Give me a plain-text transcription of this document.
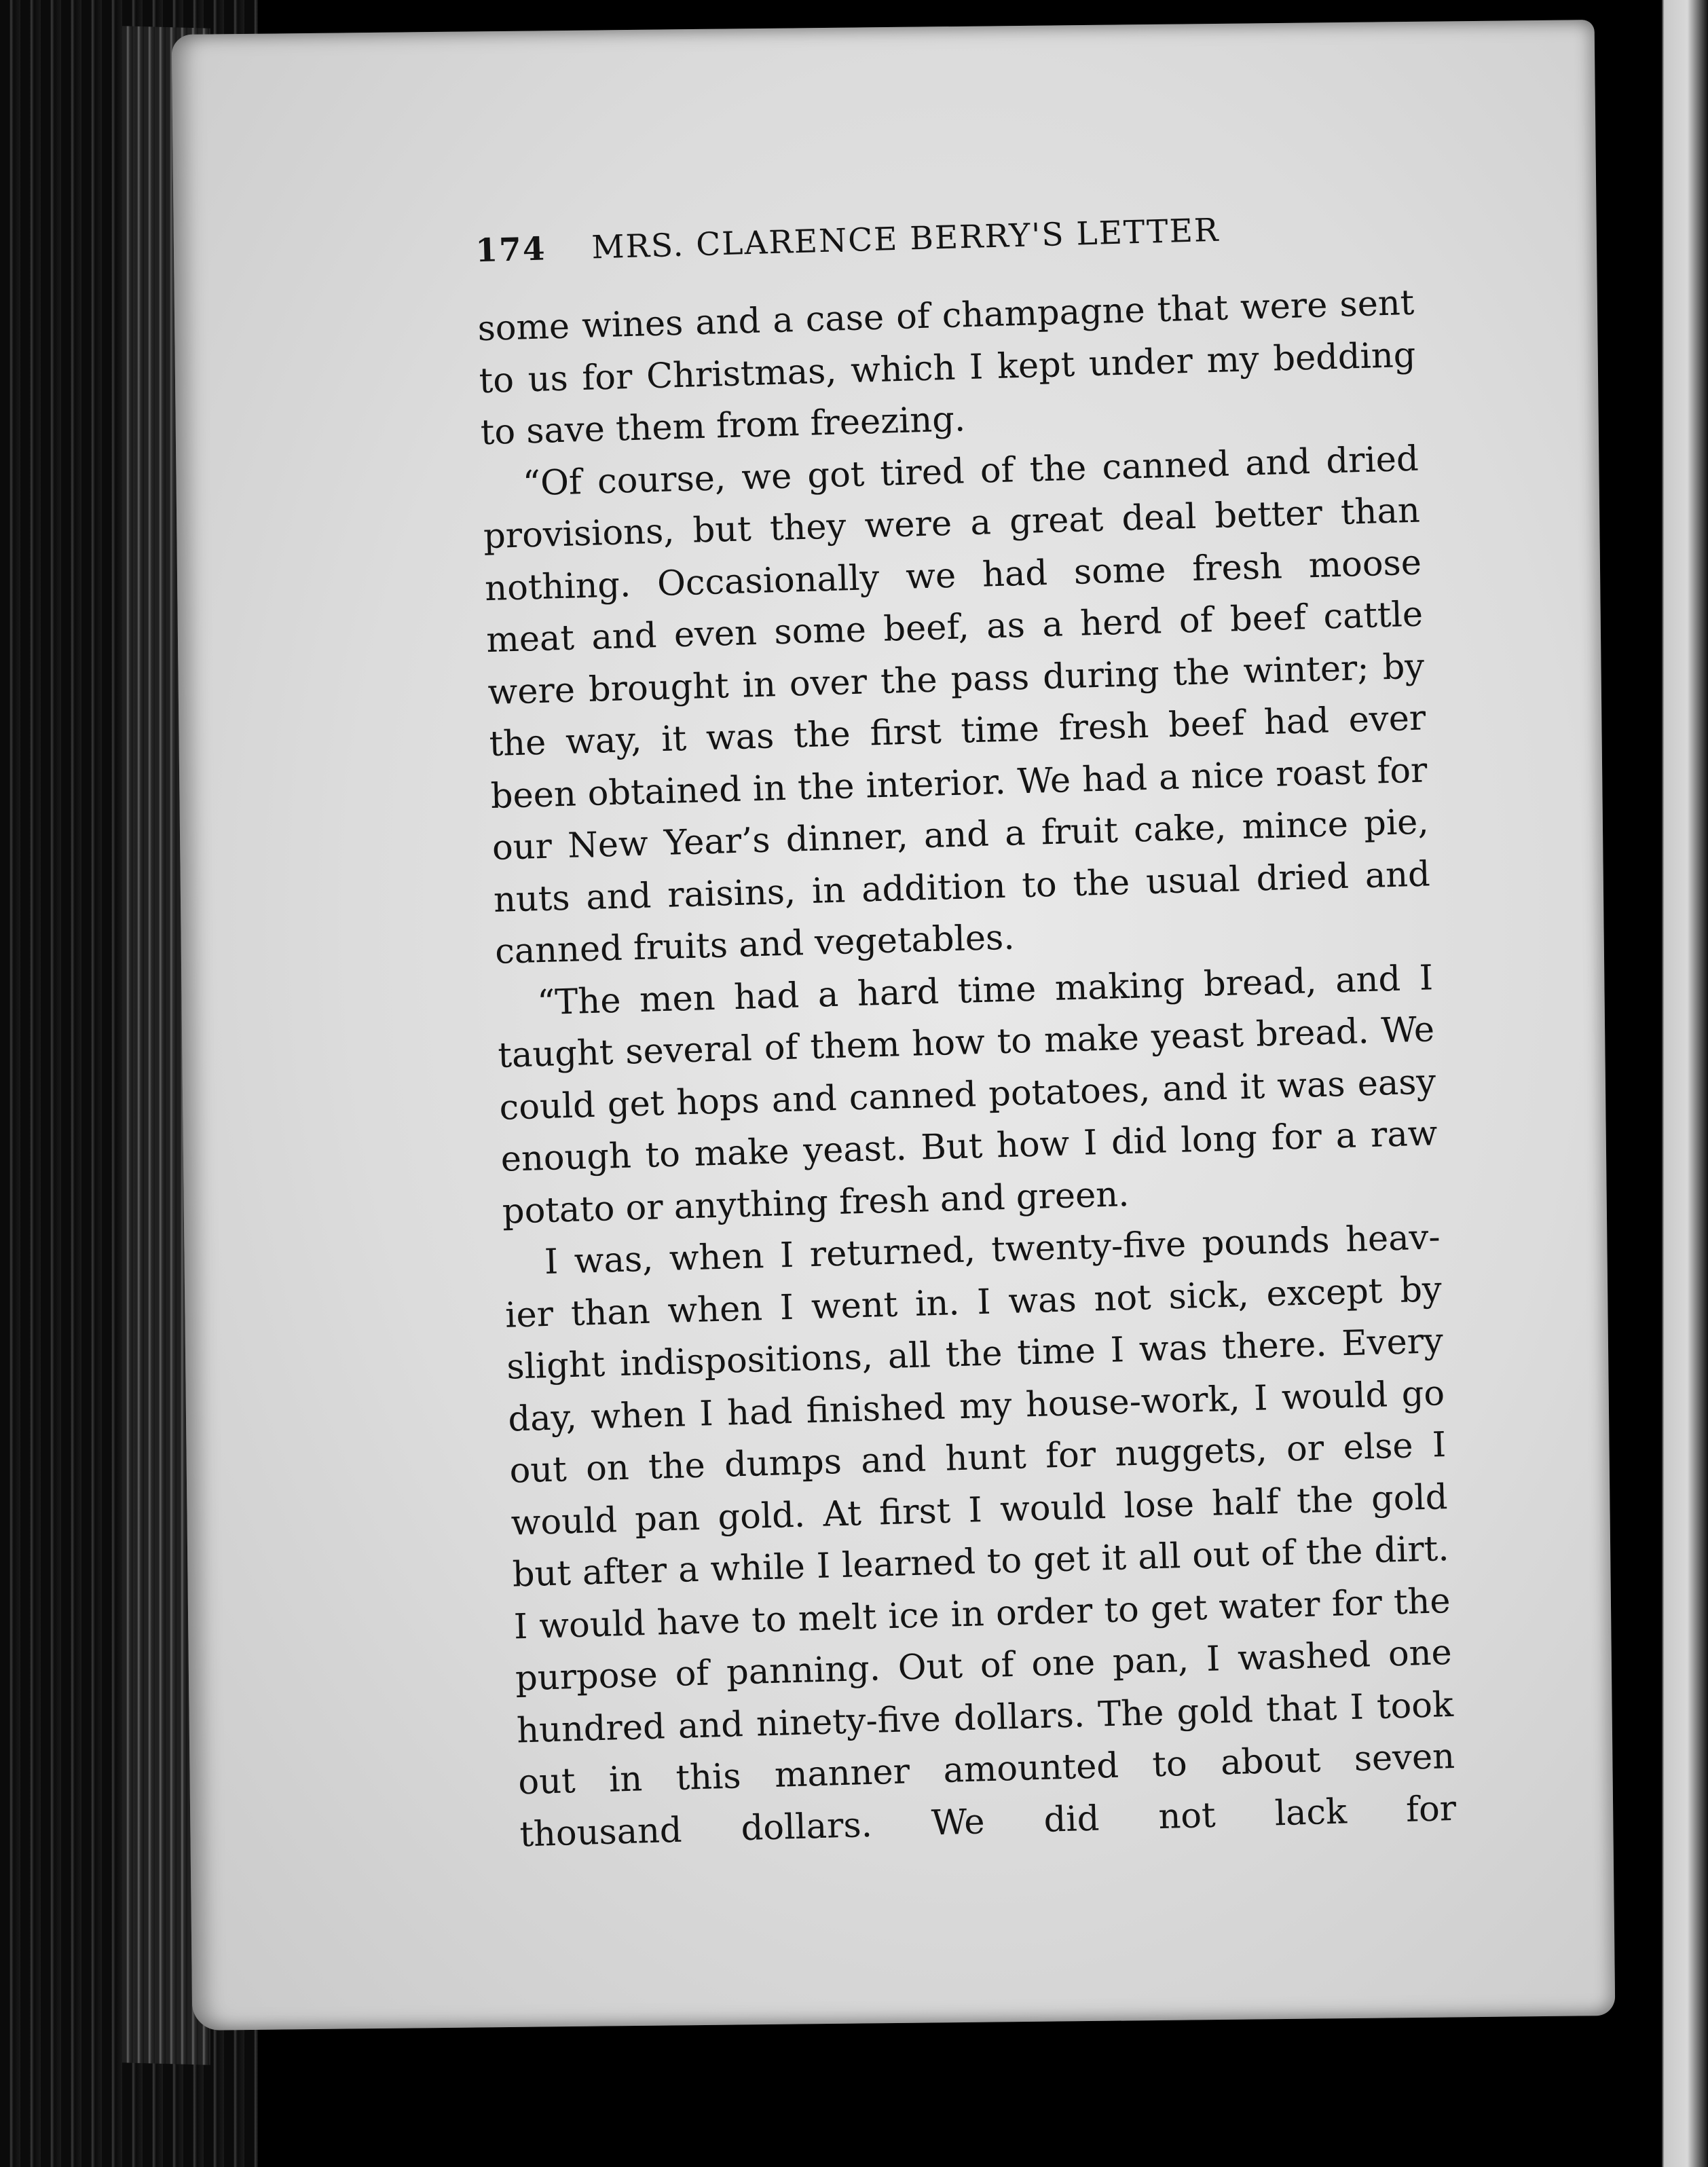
174 MRS. CLARENCE BERRY'S LETTER

some wines and a case of champagne that were sent to us for Christmas, which I kept under my bedding to save them from freezing.

“Of course, we got tired of the canned and dried provisions, but they were a great deal better than nothing. Occasionally we had some fresh moose meat and even some beef, as a herd of beef cattle were brought in over the pass during the winter; by the way, it was the first time fresh beef had ever been obtained in the interior. We had a nice roast for our New Year’s dinner, and a fruit cake, mince pie, nuts and raisins, in addition to the usual dried and canned fruits and vegetables.

“The men had a hard time making bread, and I taught several of them how to make yeast bread. We could get hops and canned potatoes, and it was easy enough to make yeast. But how I did long for a raw potato or anything fresh and green.

I was, when I returned, twenty-five pounds heav-ier than when I went in. I was not sick, except by slight indispositions, all the time I was there. Every day, when I had finished my house-work, I would go out on the dumps and hunt for nuggets, or else I would pan gold. At first I would lose half the gold but after a while I learned to get it all out of the dirt. I would have to melt ice in order to get water for the purpose of panning. Out of one pan, I washed one hundred and ninety-five dollars. The gold that I took out in this manner amounted to about seven thousand dollars. We did not lack for
